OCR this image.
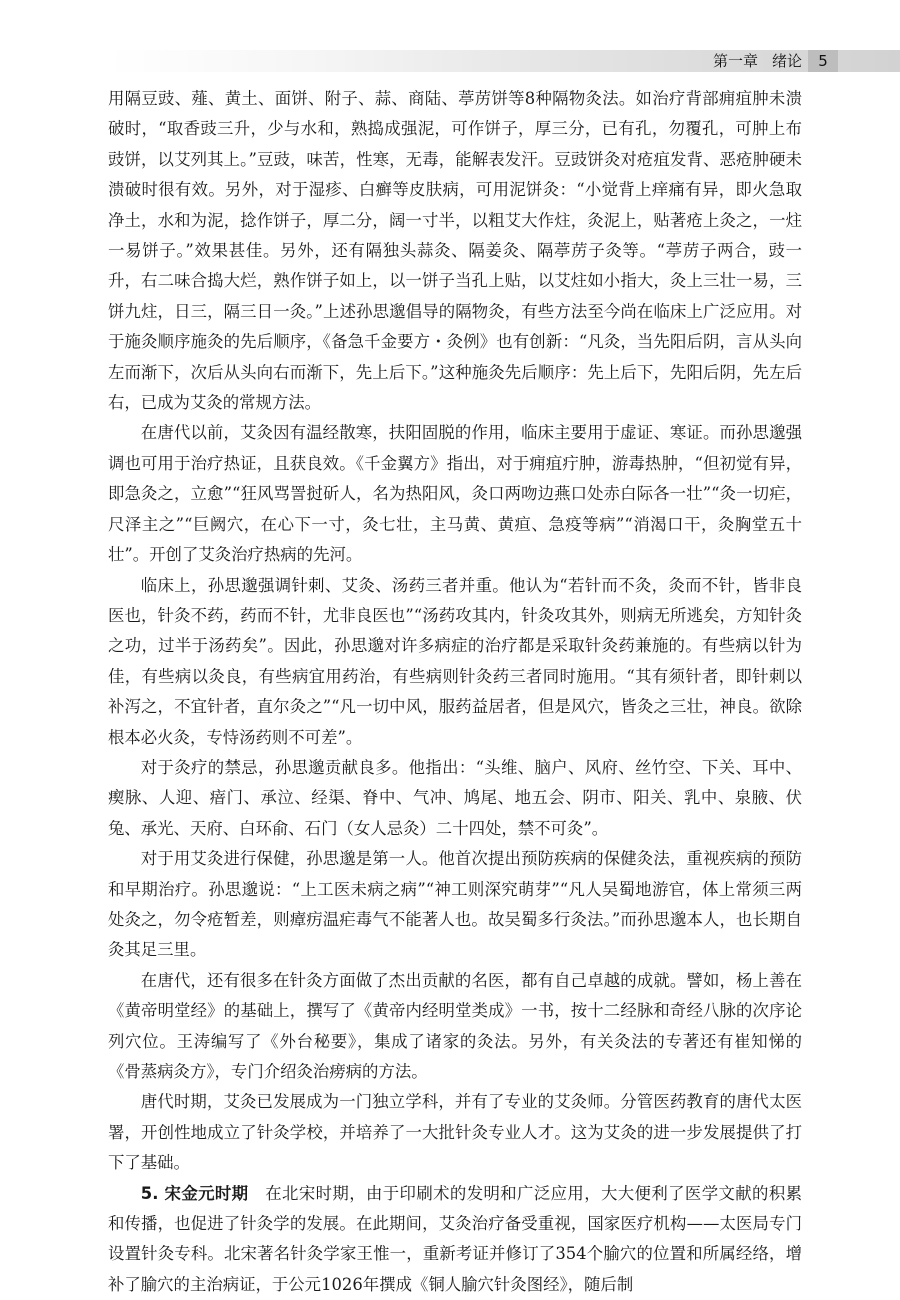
第一章 绪论	5

用隔豆豉、薤、黄土、面饼、附子、蒜、商陆、葶苈饼等8种隔物灸法。如治疗背部痈疽肿未溃破时，“取香豉三升，少与水和，熟捣成强泥，可作饼子，厚三分，已有孔，勿覆孔，可肿上布豉饼，以艾列其上。”豆豉，味苦，性寒，无毒，能解表发汗。豆豉饼灸对疮疽发背、恶疮肿硬未溃破时很有效。另外，对于湿疹、白癣等皮肤病，可用泥饼灸：“小觉背上痒痛有异，即火急取净土，水和为泥，捻作饼子，厚二分，阔一寸半，以粗艾大作炷，灸泥上，贴著疮上灸之，一炷一易饼子。”效果甚佳。另外，还有隔独头蒜灸、隔姜灸、隔葶苈子灸等。“葶苈子两合，豉一升，右二味合捣大烂，熟作饼子如上，以一饼子当孔上贴，以艾炷如小指大，灸上三壮一易，三饼九炷，日三，隔三日一灸。”上述孙思邈倡导的隔物灸，有些方法至今尚在临床上广泛应用。对于施灸顺序施灸的先后顺序，《备急千金要方・灸例》也有创新：“凡灸，当先阳后阴，言从头向左而渐下，次后从头向右而渐下，先上后下。”这种施灸先后顺序：先上后下，先阳后阴，先左后右，已成为艾灸的常规方法。

在唐代以前，艾灸因有温经散寒，扶阳固脱的作用，临床主要用于虚证、寒证。而孙思邈强调也可用于治疗热证，且获良效。《千金翼方》指出，对于痈疽疔肿，游毒热肿，“但初觉有异，即急灸之，立愈”“狂风骂詈挝斫人，名为热阳风，灸口两吻边燕口处赤白际各一壮”“灸一切疟，尺泽主之”“巨阙穴，在心下一寸，灸七壮，主马黄、黄疸、急疫等病”“消渴口干，灸胸堂五十壮”。开创了艾灸治疗热病的先河。

临床上，孙思邈强调针刺、艾灸、汤药三者并重。他认为“若针而不灸，灸而不针，皆非良医也，针灸不药，药而不针，尤非良医也”“汤药攻其内，针灸攻其外，则病无所逃矣，方知针灸之功，过半于汤药矣”。因此，孙思邈对许多病症的治疗都是采取针灸药兼施的。有些病以针为佳，有些病以灸良，有些病宜用药治，有些病则针灸药三者同时施用。“其有须针者，即针刺以补泻之，不宜针者，直尔灸之”“凡一切中风，服药益居者，但是风穴，皆灸之三壮，神良。欲除根本必火灸，专恃汤药则不可差”。

对于灸疗的禁忌，孙思邈贡献良多。他指出：“头维、脑户、风府、丝竹空、下关、耳中、瘈脉、人迎、瘖门、承泣、经渠、脊中、气冲、鸠尾、地五会、阴市、阳关、乳中、泉腋、伏兔、承光、天府、白环俞、石门（女人忌灸）二十四处，禁不可灸”。

对于用艾灸进行保健，孙思邈是第一人。他首次提出预防疾病的保健灸法，重视疾病的预防和早期治疗。孙思邈说：“上工医未病之病”“神工则深究萌芽”“凡人吴蜀地游官，体上常须三两处灸之，勿令疮暂差，则瘴疠温疟毒气不能著人也。故吴蜀多行灸法。”而孙思邈本人，也长期自灸其足三里。

在唐代，还有很多在针灸方面做了杰出贡献的名医，都有自己卓越的成就。譬如，杨上善在《黄帝明堂经》的基础上，撰写了《黄帝内经明堂类成》一书，按十二经脉和奇经八脉的次序论列穴位。王涛编写了《外台秘要》，集成了诸家的灸法。另外，有关灸法的专著还有崔知悌的《骨蒸病灸方》，专门介绍灸治痨病的方法。

唐代时期，艾灸已发展成为一门独立学科，并有了专业的艾灸师。分管医药教育的唐代太医署，开创性地成立了针灸学校，并培养了一大批针灸专业人才。这为艾灸的进一步发展提供了打下了基础。

5. 宋金元时期　 在北宋时期，由于印刷术的发明和广泛应用，大大便利了医学文献的积累和传播，也促进了针灸学的发展。在此期间，艾灸治疗备受重视，国家医疗机构——太医局专门设置针灸专科。北宋著名针灸学家王惟一，重新考证并修订了354个腧穴的位置和所属经络，增补了腧穴的主治病证，于公元1026年撰成《铜人腧穴针灸图经》，随后制
